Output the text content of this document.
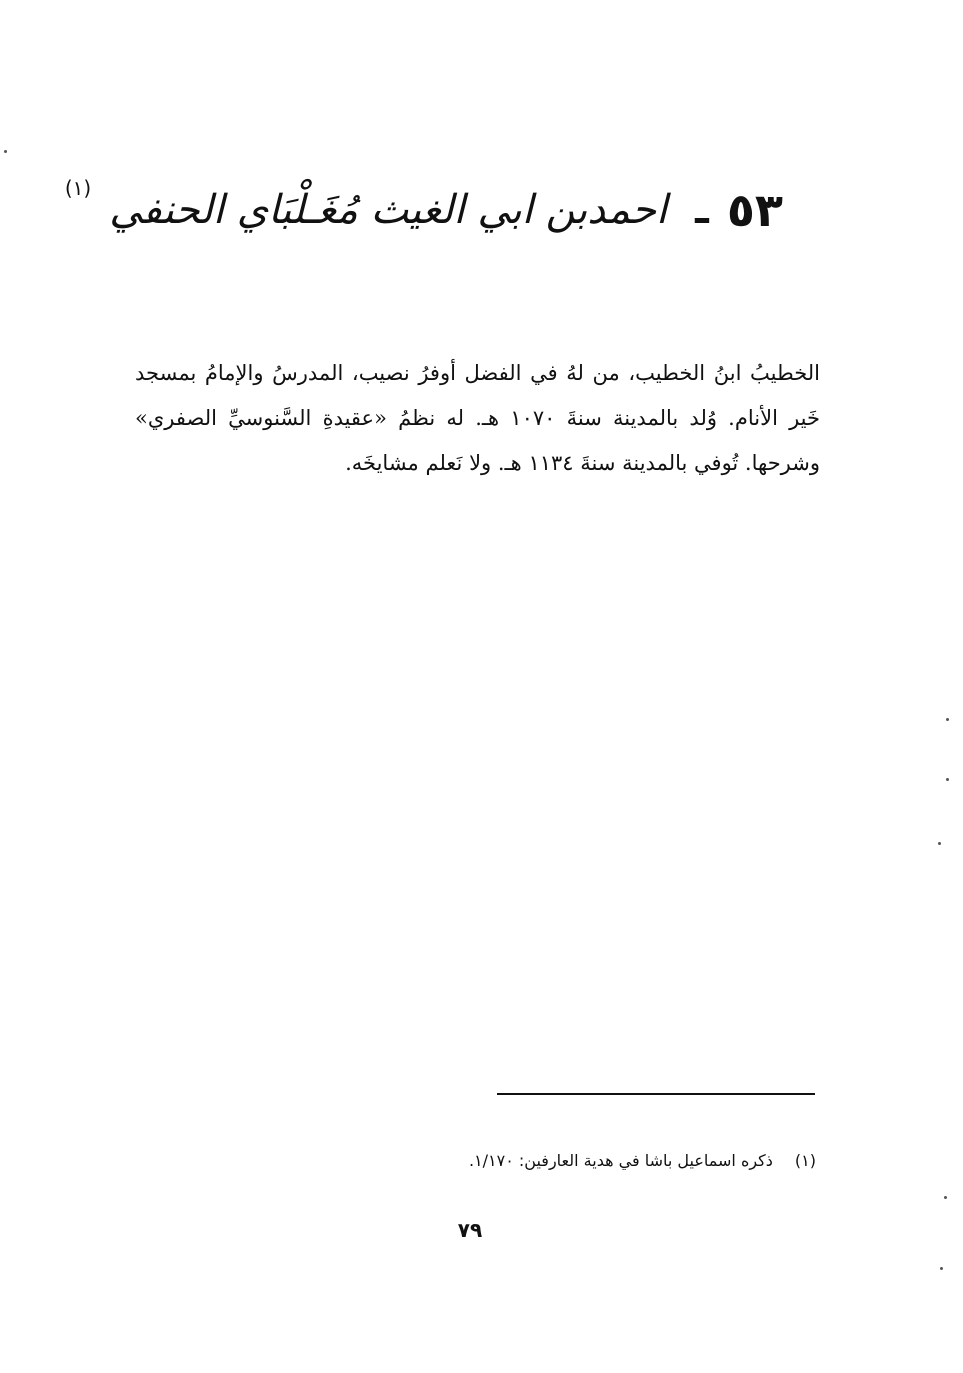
٥٣
ـ
احمدبن ابي الغيث مُغَـلْبَاي الحنفي
(١)

الخطيبُ ابنُ الخطيب، من لهُ في الفضل أوفرُ نصيب، المدرسُ والإمامُ بمسجد خَير الأنام. وُلد بالمدينة سنةَ ١٠٧٠ هـ. له نظمُ «عقيدةِ السَّنوسيِّ الصفري» وشرحها. تُوفي بالمدينة سنةَ ١١٣٤ هـ. ولا نَعلم مشايخَه.

(١)ذكره اسماعيل باشا في هدية العارفين: ١/١٧٠.
٧٩
